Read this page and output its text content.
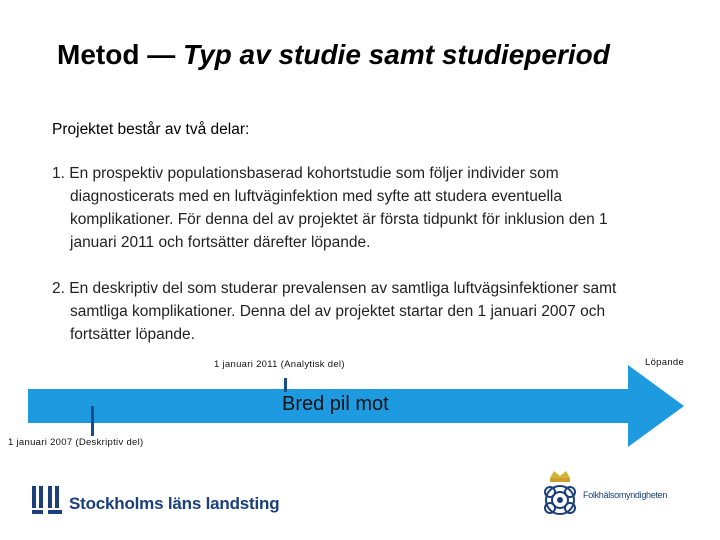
Metod — Typ av studie samt studieperiod
Projektet består av två delar:
1. En prospektiv populationsbaserad kohortstudie som följer individer som
diagnosticerats med en luftväginfektion med syfte att studera eventuella
komplikationer. För denna del av projektet är första tidpunkt för inklusion den 1
januari 2011 och fortsätter därefter löpande.
2. En deskriptiv del som studerar prevalensen av samtliga luftvägsinfektioner samt
samtliga komplikationer. Denna del av projektet startar den 1 januari 2007 och
fortsätter löpande.
1 januari 2011 (Analytisk del)	Löpande
Bred pil mot
1 januari 2007 (Deskriptiv del)
Stockholms läns landsting	Folkhälsomyndigheten
